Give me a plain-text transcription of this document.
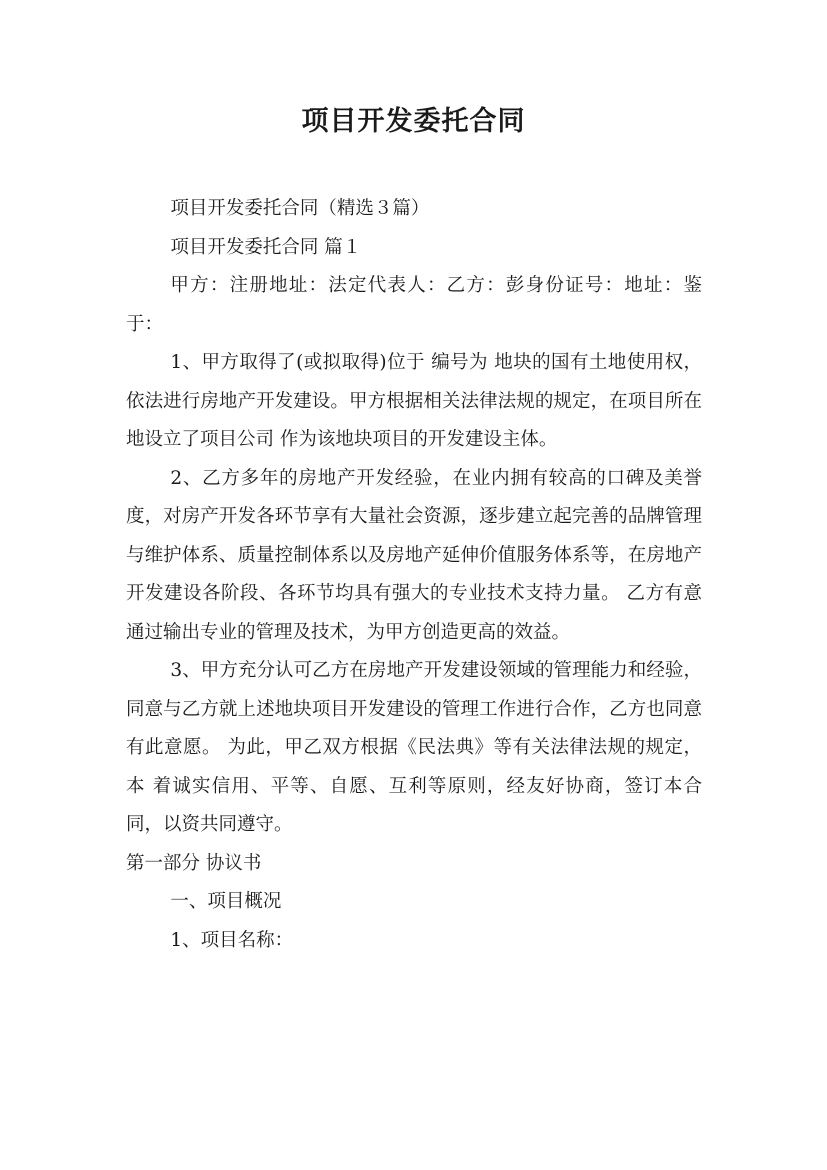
项目开发委托合同

项目开发委托合同（精选３篇）

项目开发委托合同 篇１

甲方：注册地址：法定代表人：乙方：彭身份证号：地址：鉴于：

1、甲方取得了(或拟取得)位于 编号为 地块的国有土地使用权，依法进行房地产开发建设。甲方根据相关法律法规的规定，在项目所在地设立了项目公司 作为该地块项目的开发建设主体。

2、乙方多年的房地产开发经验，在业内拥有较高的口碑及美誉度，对房产开发各环节享有大量社会资源，逐步建立起完善的品牌管理与维护体系、质量控制体系以及房地产延伸价值服务体系等，在房地产开发建设各阶段、各环节均具有强大的专业技术支持力量。 乙方有意通过输出专业的管理及技术，为甲方创造更高的效益。

3、甲方充分认可乙方在房地产开发建设领域的管理能力和经验，同意与乙方就上述地块项目开发建设的管理工作进行合作，乙方也同意有此意愿。 为此，甲乙双方根据《民法典》等有关法律法规的规定，本 着诚实信用、平等、自愿、互利等原则，经友好协商，签订本合同，以资共同遵守。

第一部分 协议书

一、项目概况

1、项目名称：
